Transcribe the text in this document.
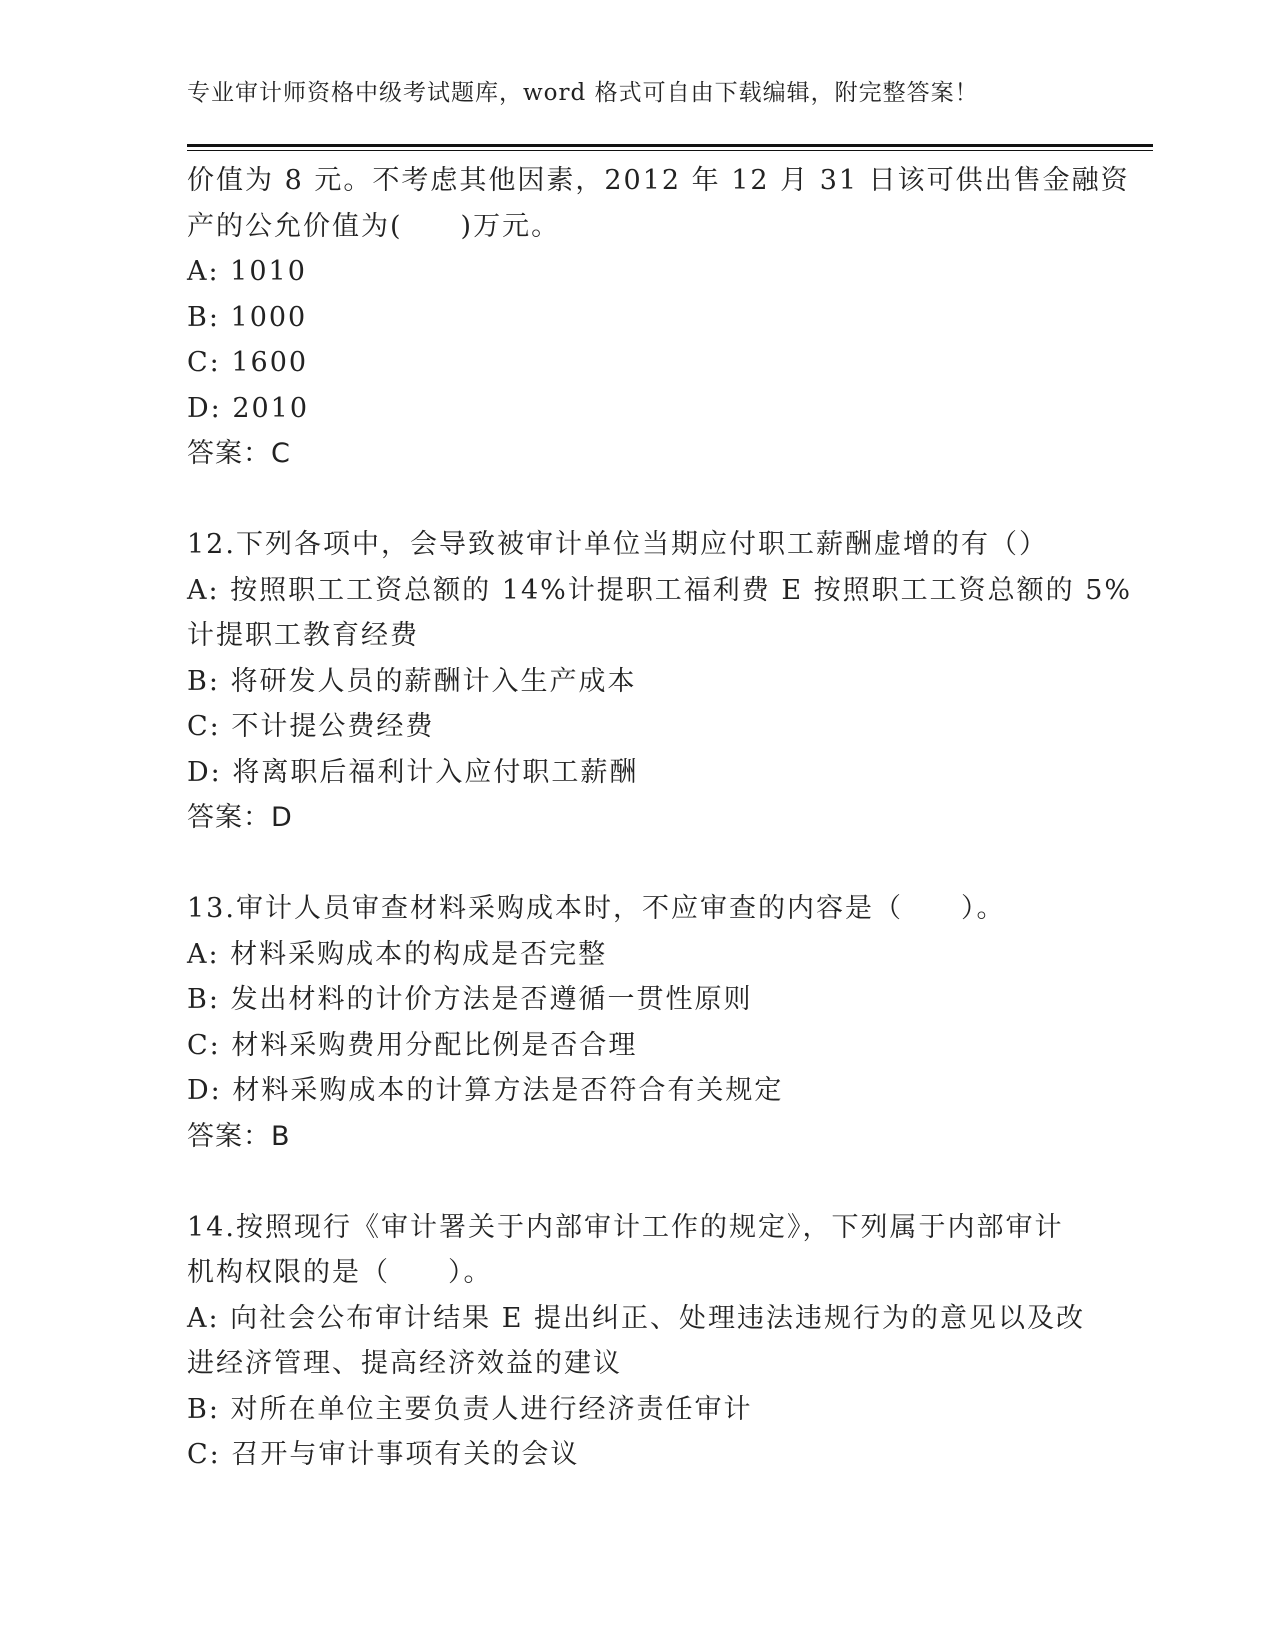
专业审计师资格中级考试题库，word 格式可自由下载编辑，附完整答案！
价值为 8 元。不考虑其他因素，2012 年 12 月 31 日该可供出售金融资
产的公允价值为(　　)万元。
A: 1010
B: 1000
C: 1600
D: 2010
答案：C
12.下列各项中，会导致被审计单位当期应付职工薪酬虚增的有（）
A: 按照职工工资总额的 14%计提职工福利费 E 按照职工工资总额的 5%
计提职工教育经费
B: 将研发人员的薪酬计入生产成本
C: 不计提公费经费
D: 将离职后福利计入应付职工薪酬
答案：D
13.审计人员审查材料采购成本时，不应审查的内容是（　　）。
A: 材料采购成本的构成是否完整
B: 发出材料的计价方法是否遵循一贯性原则
C: 材料采购费用分配比例是否合理
D: 材料采购成本的计算方法是否符合有关规定
答案：B
14.按照现行《审计署关于内部审计工作的规定》，下列属于内部审计
机构权限的是（　　）。
A: 向社会公布审计结果 E 提出纠正、处理违法违规行为的意见以及改
进经济管理、提高经济效益的建议
B: 对所在单位主要负责人进行经济责任审计
C: 召开与审计事项有关的会议
